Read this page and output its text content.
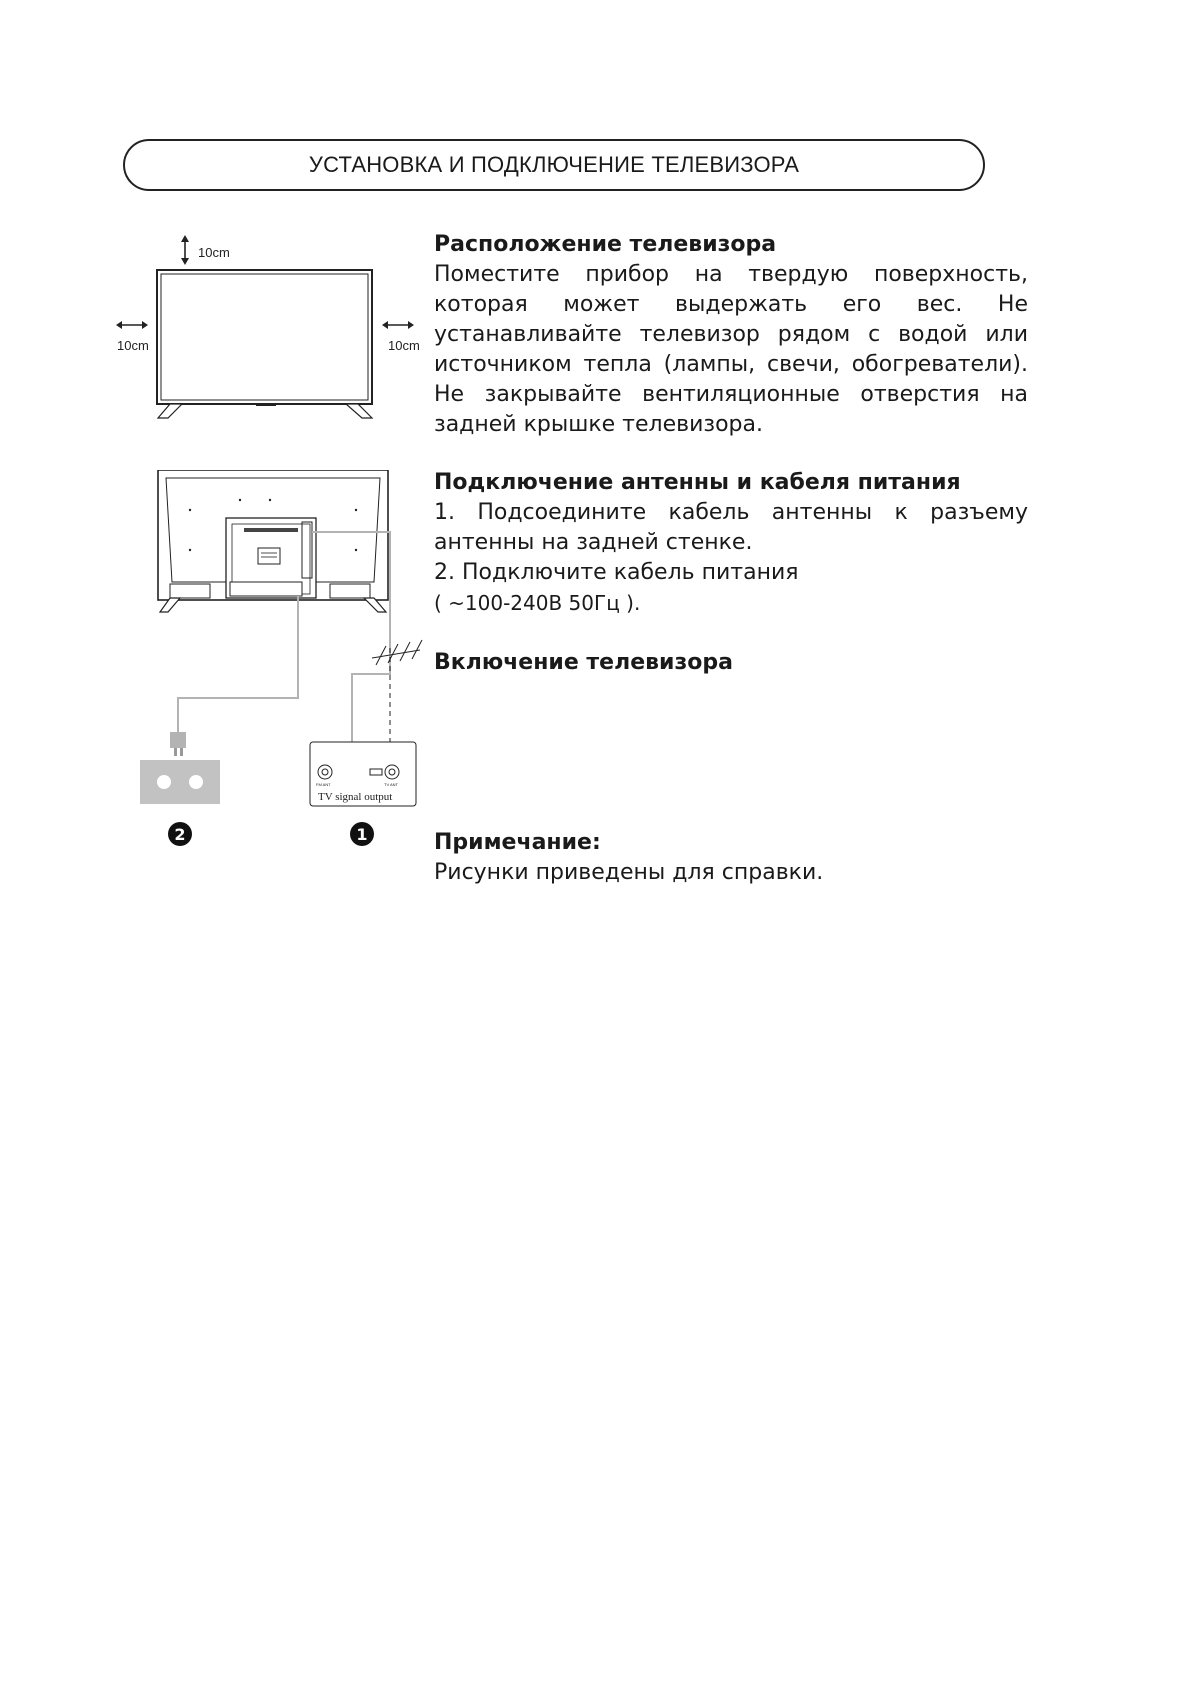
УСТАНОВКА И ПОДКЛЮЧЕНИЕ ТЕЛЕВИЗОРА
10cm
10cm	10cm
FM ANT	TV ANT
TV signal output
2	1

Расположение телевизора

Поместите прибор на твердую поверхность, которая может выдержать его вес. Не устанавливайте телевизор рядом с водой или источником тепла (лампы, свечи, обогреватели). Не закрывайте вентиляционные отверстия на задней крышке телевизора.

Подключение антенны и кабеля питания

1. Подсоедините кабель антенны к разъему антенны на задней стенке.

2. Подключите кабель питания

( ~100-240В 50Гц ).

Включение телевизора

Примечание:

Рисунки приведены для справки.
